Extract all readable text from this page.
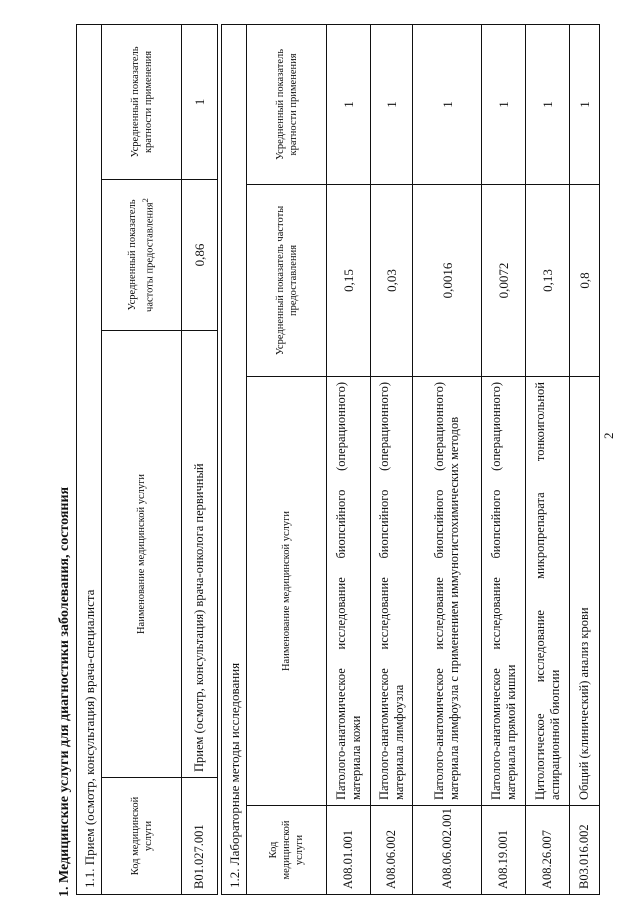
2
1. Медицинские услуги для диагностики заболевания, состояния 1.1. Прием (осмотр, консультация) врача-специалиста			
Код медицинской услуги	Наименование медицинской услуги	Усредненный показатель частоты предоставления$^2$	Усредненный показатель кратности применения
B01.027.001	Прием (осмотр, консультация) врача-онколога первичный	0,86	1
1.2. Лабораторные методы исследования			
Код медицинской услуги	Наименование медицинской услуги	Усредненный показатель частоты предоставления	Усредненный показатель кратности применения
A08.01.001	Патолого-анатомическое исследование биопсийного (операционного) материала кожи	0,15	1
A08.06.002	Патолого-анатомическое исследование биопсийного (операционного) материала лимфоузла	0,03	1
A08.06.002.001	Патолого-анатомическое исследование биопсийного (операционного) материала лимфоузла с применением иммуногистохимических методов	0,0016	1
A08.19.001	Патолого-анатомическое исследование биопсийного (операционного) материала прямой кишки	0,0072	1
A08.26.007	Цитологическое исследование микропрепарата тонкоигольной аспирационной биопсии	0,13	1
B03.016.002	Общий (клинический) анализ крови	0,8	1
